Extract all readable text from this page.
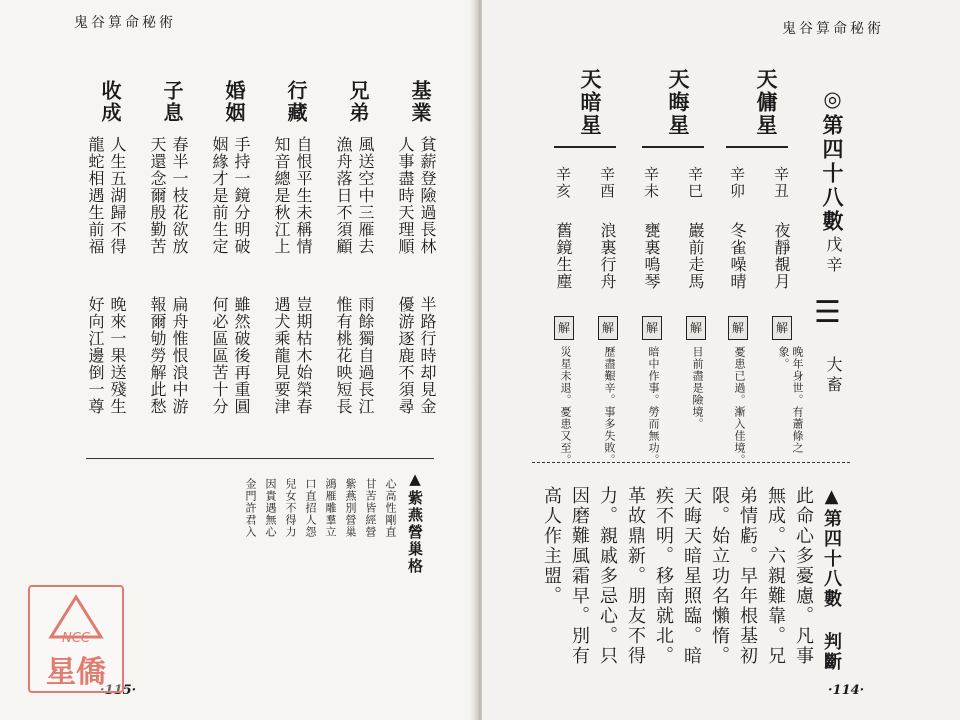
鬼谷算命秘術
基業
貧薪登險過長林
人事盡時天理順
半路行時却見金
優游逐鹿不須尋
兄弟
風送空中三雁去
漁舟落日不須顧
雨餘獨自過長江
惟有桃花映短長
行藏
自恨平生未稱情
知音總是秋江上
豈期枯木始榮春
遇犬乘龍見要津
婚姻
手持一鏡分明破
姻緣才是前生定
雖然破後再重圓
何必區區苦十分
子息
春半一枝花欲放
天還念爾殷勤苦
扁舟惟恨浪中游
報爾劬勞解此愁
收成
人生五湖歸不得
龍蛇相遇生前福
晚來一果送殘生
好向江邊倒一尊
▲紫燕營巢格
心高性剛直
甘苦皆經營
紫燕別營巢
鴻雁雕羣立
口直招人怨
兒女不得力
因貴遇無心
金門許君入
·115·
NCC
星僑
鬼谷算命秘術
◎第四十八數
戊辛
☰
大畜
天傭星
辛丑
辛卯
夜靜覩月
冬雀噪晴
解
解
晚年身世。有蕭條之象。
憂患已過。漸入佳境。
天晦星
辛巳
辛未
巖前走馬
甕裏鳴琴
解
解
目前盡是險境。
暗中作事。勞而無功。
天暗星
辛酉
辛亥
浪裏行舟
舊鏡生塵
解
解
歷盡艱辛。事多失敗。
災星未退。憂患又至。
▲第四十八數 判斷
此命心多憂慮。凡事
無成。六親難靠。兄
弟情虧。早年根基初
限。始立功名懶惰。
天晦天暗星照臨。暗
疾不明。移南就北。
革故鼎新。朋友不得
力。親戚多忌心。只
因磨難風霜早。別有
高人作主盟。
·114·
